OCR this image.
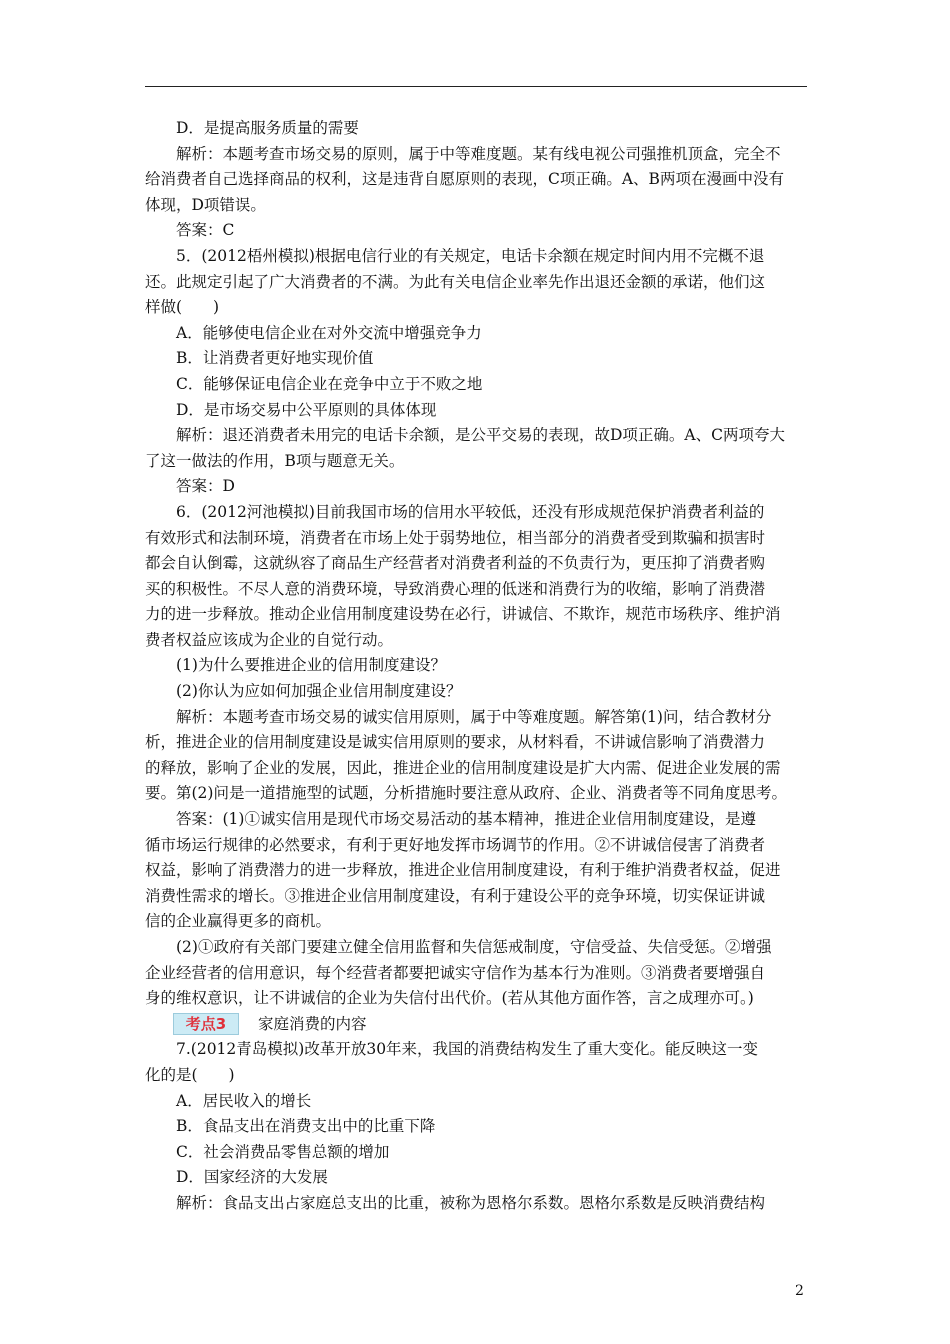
D．是提高服务质量的需要
解析：本题考查市场交易的原则，属于中等难度题。某有线电视公司强推机顶盒，完全不
给消费者自己选择商品的权利，这是违背自愿原则的表现，C项正确。A、B两项在漫画中没有
体现，D项错误。
答案：C
5．(2012梧州模拟)根据电信行业的有关规定，电话卡余额在规定时间内用不完概不退
还。此规定引起了广大消费者的不满。为此有关电信企业率先作出退还金额的承诺，他们这
样做(　　)
A．能够使电信企业在对外交流中增强竞争力
B．让消费者更好地实现价值
C．能够保证电信企业在竞争中立于不败之地
D．是市场交易中公平原则的具体体现
解析：退还消费者未用完的电话卡余额，是公平交易的表现，故D项正确。A、C两项夸大
了这一做法的作用，B项与题意无关。
答案：D
6．(2012河池模拟)目前我国市场的信用水平较低，还没有形成规范保护消费者利益的
有效形式和法制环境，消费者在市场上处于弱势地位，相当部分的消费者受到欺骗和损害时
都会自认倒霉，这就纵容了商品生产经营者对消费者利益的不负责行为，更压抑了消费者购
买的积极性。不尽人意的消费环境，导致消费心理的低迷和消费行为的收缩，影响了消费潜
力的进一步释放。推动企业信用制度建设势在必行，讲诚信、不欺诈，规范市场秩序、维护消
费者权益应该成为企业的自觉行动。
(1)为什么要推进企业的信用制度建设？
(2)你认为应如何加强企业信用制度建设？
解析：本题考查市场交易的诚实信用原则，属于中等难度题。解答第(1)问，结合教材分
析，推进企业的信用制度建设是诚实信用原则的要求，从材料看，不讲诚信影响了消费潜力
的释放，影响了企业的发展，因此，推进企业的信用制度建设是扩大内需、促进企业发展的需
要。第(2)问是一道措施型的试题，分析措施时要注意从政府、企业、消费者等不同角度思考。
答案：(1)①诚实信用是现代市场交易活动的基本精神，推进企业信用制度建设，是遵
循市场运行规律的必然要求，有利于更好地发挥市场调节的作用。②不讲诚信侵害了消费者
权益，影响了消费潜力的进一步释放，推进企业信用制度建设，有利于维护消费者权益，促进
消费性需求的增长。③推进企业信用制度建设，有利于建设公平的竞争环境，切实保证讲诚
信的企业赢得更多的商机。
(2)①政府有关部门要建立健全信用监督和失信惩戒制度，守信受益、失信受惩。②增强
企业经营者的信用意识，每个经营者都要把诚实守信作为基本行为准则。③消费者要增强自
身的维权意识，让不讲诚信的企业为失信付出代价。(若从其他方面作答，言之成理亦可。)
考点3	家庭消费的内容
7.(2012青岛模拟)改革开放30年来，我国的消费结构发生了重大变化。能反映这一变
化的是(　　)
A．居民收入的增长
B．食品支出在消费支出中的比重下降
C．社会消费品零售总额的增加
D．国家经济的大发展
解析：食品支出占家庭总支出的比重，被称为恩格尔系数。恩格尔系数是反映消费结构
2
